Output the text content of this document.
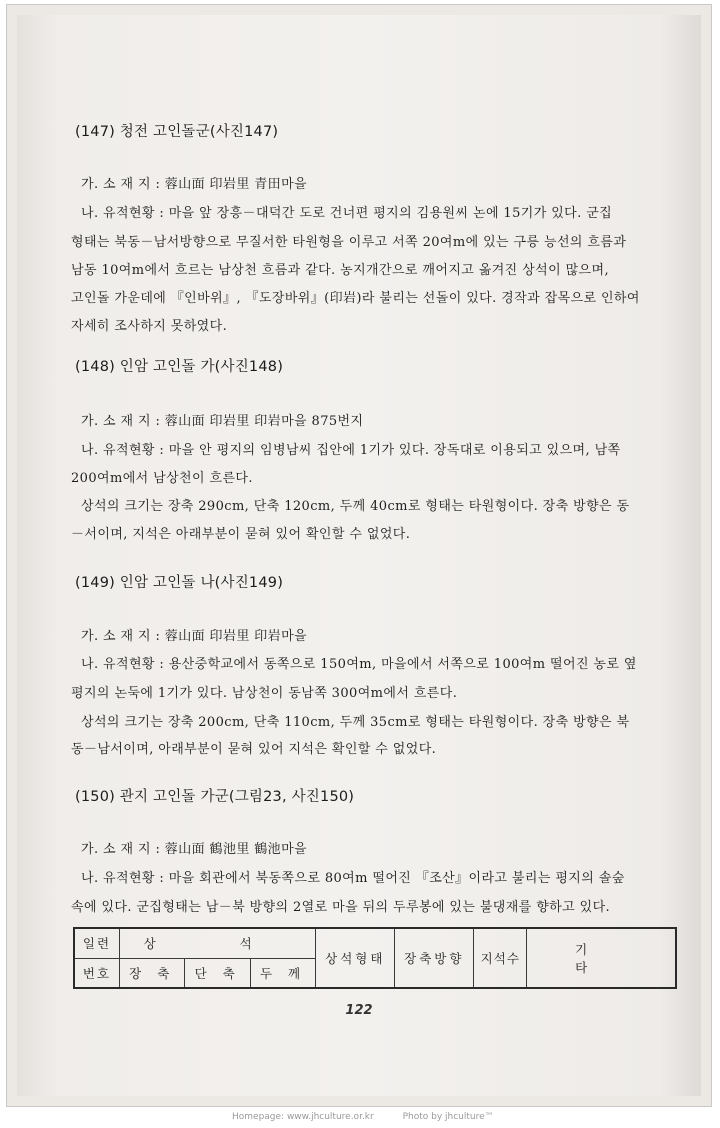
(147) 청전 고인돌군(사진147)
가. 소 재 지 : 蓉山面 印岩里 青田마을
나. 유적현황 : 마을 앞 장흥－대덕간 도로 건너편 평지의 김용원씨 논에 15기가 있다. 군집
형태는 북동－남서방향으로 무질서한 타원형을 이루고 서쪽 20여m에 있는 구릉 능선의 흐름과
남동 10여m에서 흐르는 남상천 흐름과 같다. 농지개간으로 깨어지고 옮겨진 상석이 많으며,
고인돌 가운데에 『인바위』, 『도장바위』(印岩)라 불리는 선돌이 있다. 경작과 잡목으로 인하여
자세히 조사하지 못하였다.
(148) 인암 고인돌 가(사진148)
가. 소 재 지 : 蓉山面 印岩里 印岩마을 875번지
나. 유적현황 : 마을 안 평지의 임병남씨 집안에 1기가 있다. 장독대로 이용되고 있으며, 남쪽
200여m에서 남상천이 흐른다.
상석의 크기는 장축 290cm, 단축 120cm, 두께 40cm로 형태는 타원형이다. 장축 방향은 동
－서이며, 지석은 아래부분이 묻혀 있어 확인할 수 없었다.
(149) 인암 고인돌 나(사진149)
가. 소 재 지 : 蓉山面 印岩里 印岩마을
나. 유적현황 : 용산중학교에서 동쪽으로 150여m, 마을에서 서쪽으로 100여m 떨어진 농로 옆
평지의 논둑에 1기가 있다. 남상천이 동남쪽 300여m에서 흐른다.
상석의 크기는 장축 200cm, 단축 110cm, 두께 35cm로 형태는 타원형이다. 장축 방향은 북
동－남서이며, 아래부분이 묻혀 있어 지석은 확인할 수 없었다.
(150) 관지 고인돌 가군(그림23, 사진150)
가. 소 재 지 : 蓉山面 鶴池里 鶴池마을
나. 유적현황 : 마을 회관에서 북동쪽으로 80여m 떨어진 『조산』이라고 불리는 평지의 솔숲
속에 있다. 군집형태는 남－북 방향의 2열로 마을 뒤의 두루봉에 있는 불댕재를 향하고 있다.
일련	상 석			상석형태	장축방향	지석수	기 타
번호	장 축	단 축	두 께				
122
Homepage: www.jhculture.or.kr	Photo by jhculture™
